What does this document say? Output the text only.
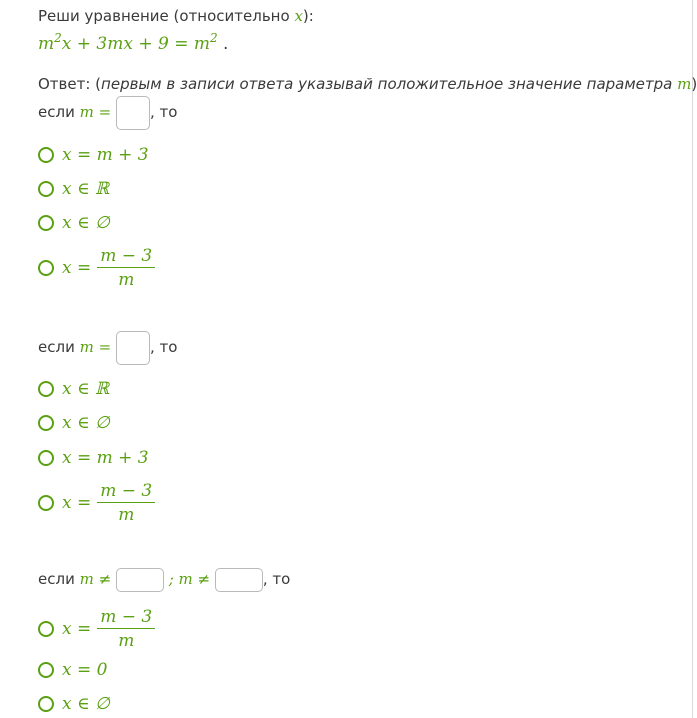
Реши уравнение (относительно x):
$m^2x + 3mx + 9 = m^2$ .
Ответ: (первым в записи ответа указывай положительное значение параметра m)
если m =	, то
x = m + 3
x ∈ ℝ
x ∈ ∅
$x = \frac{m - 3}{m}$
если m =	, то
x ∈ ℝ
x ∈ ∅
x = m + 3
$x = \frac{m - 3}{m}$
если m ≠	; m ≠	, то
$x = \frac{m - 3}{m}$
x = 0
x ∈ ∅
